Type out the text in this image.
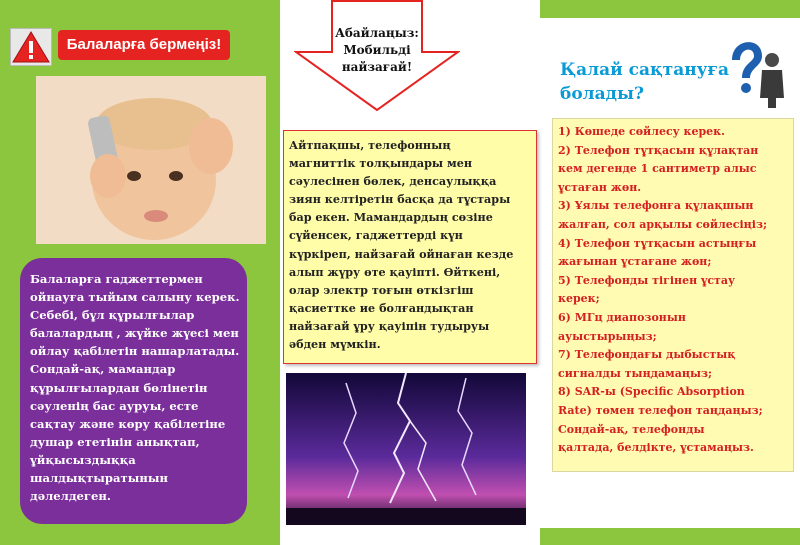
Балаларға бермеңіз!
Балаларға гаджеттермен
ойнауға тыйым салыну керек.
Себебі, бұл құрылғылар
балалардың , жүйке жүесі мен
ойлау қабілетін нашарлатады.
Сондай-ақ, мамандар
құрылғылардан бөлінетін
сәуленің бас ауруы, есте
сақтау және көру қабілетіне
душар ететінін анықтап,
ұйқысыздыққа
шалдықтыратынын
дәлелдеген.
Абайлаңыз:
Мобильді
найзағай!
Айтпақшы, телефонның
магниттік толқындары мен
сәулесінен бөлек, денсаулыққа
зиян келтіретін басқа да тұстары
бар екен. Мамандардың сөзіне
сүйенсек, гаджеттерді күн
күркіреп, найзағай ойнаған кезде
алып жүру өте қауіпті. Өйткені,
олар электр тоғын өткізгіш
қасиеттке ие болғандықтан
найзағай ұру қауіпін тудыруы
әбден мүмкін.
Қалай сақтануға
болады?
1) Көшеде сөйлесу керек.
2) Телефон тұтқасын құлақтан
кем дегенде 1 сантиметр алыс
ұстаған жөн.
3) Ұялы телефонға құлақшын
жалғап, сол арқылы сөйлесіңіз;
4) Телефон тұтқасын астыңғы
жағынан ұстағане жөн;
5) Телефонды тігінен ұстау
керек;
6) МГц диапозонын
ауыстырыңыз;
7) Телефондағы дыбыстық
сигналды тыңдамаңыз;
8) SAR-ы (Specific Absorption
Rate) төмен телефон таңдаңыз;
Сондай-ақ, телефонды
қалтада, белдікте, ұстамаңыз.
